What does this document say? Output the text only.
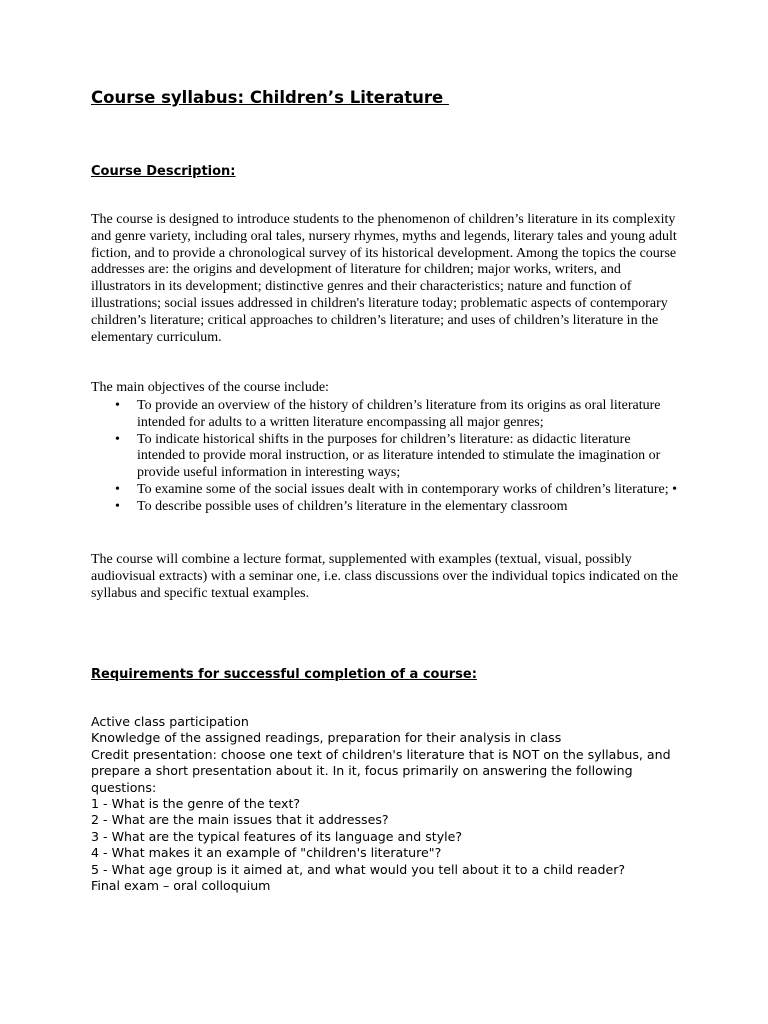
Course syllabus: Children’s Literature
Course Description:

The course is designed to introduce students to the phenomenon of children’s literature in its complexity and genre variety, including oral tales, nursery rhymes, myths and legends, literary tales and young adult fiction, and to provide a chronological survey of its historical development. Among the topics the course addresses are: the origins and development of literature for children; major works, writers, and illustrators in its development; distinctive genres and their characteristics; nature and function of illustrations; social issues addressed in children's literature today; problematic aspects of contemporary children’s literature; critical approaches to children’s literature; and uses of children’s literature in the elementary curriculum.

The main objectives of the course include:

• To provide an overview of the history of children’s literature from its origins as oral literature intended for adults to a written literature encompassing all major genres;
• To indicate historical shifts in the purposes for children’s literature: as didactic literature intended to provide moral instruction, or as literature intended to stimulate the imagination or provide useful information in interesting ways;
• To examine some of the social issues dealt with in contemporary works of children’s literature; •
• To describe possible uses of children’s literature in the elementary classroom

The course will combine a lecture format, supplemented with examples (textual, visual, possibly audiovisual extracts) with a seminar one, i.e. class discussions over the individual topics indicated on the syllabus and specific textual examples.

Requirements for successful completion of a course:
Active class participation
Knowledge of the assigned readings, preparation for their analysis in class
Credit presentation: choose one text of children's literature that is NOT on the syllabus, and prepare a short presentation about it. In it, focus primarily on answering the following questions:
1 - What is the genre of the text?
2 - What are the main issues that it addresses?
3 - What are the typical features of its language and style?
4 - What makes it an example of "children's literature"?
5 - What age group is it aimed at, and what would you tell about it to a child reader?
Final exam – oral colloquium
